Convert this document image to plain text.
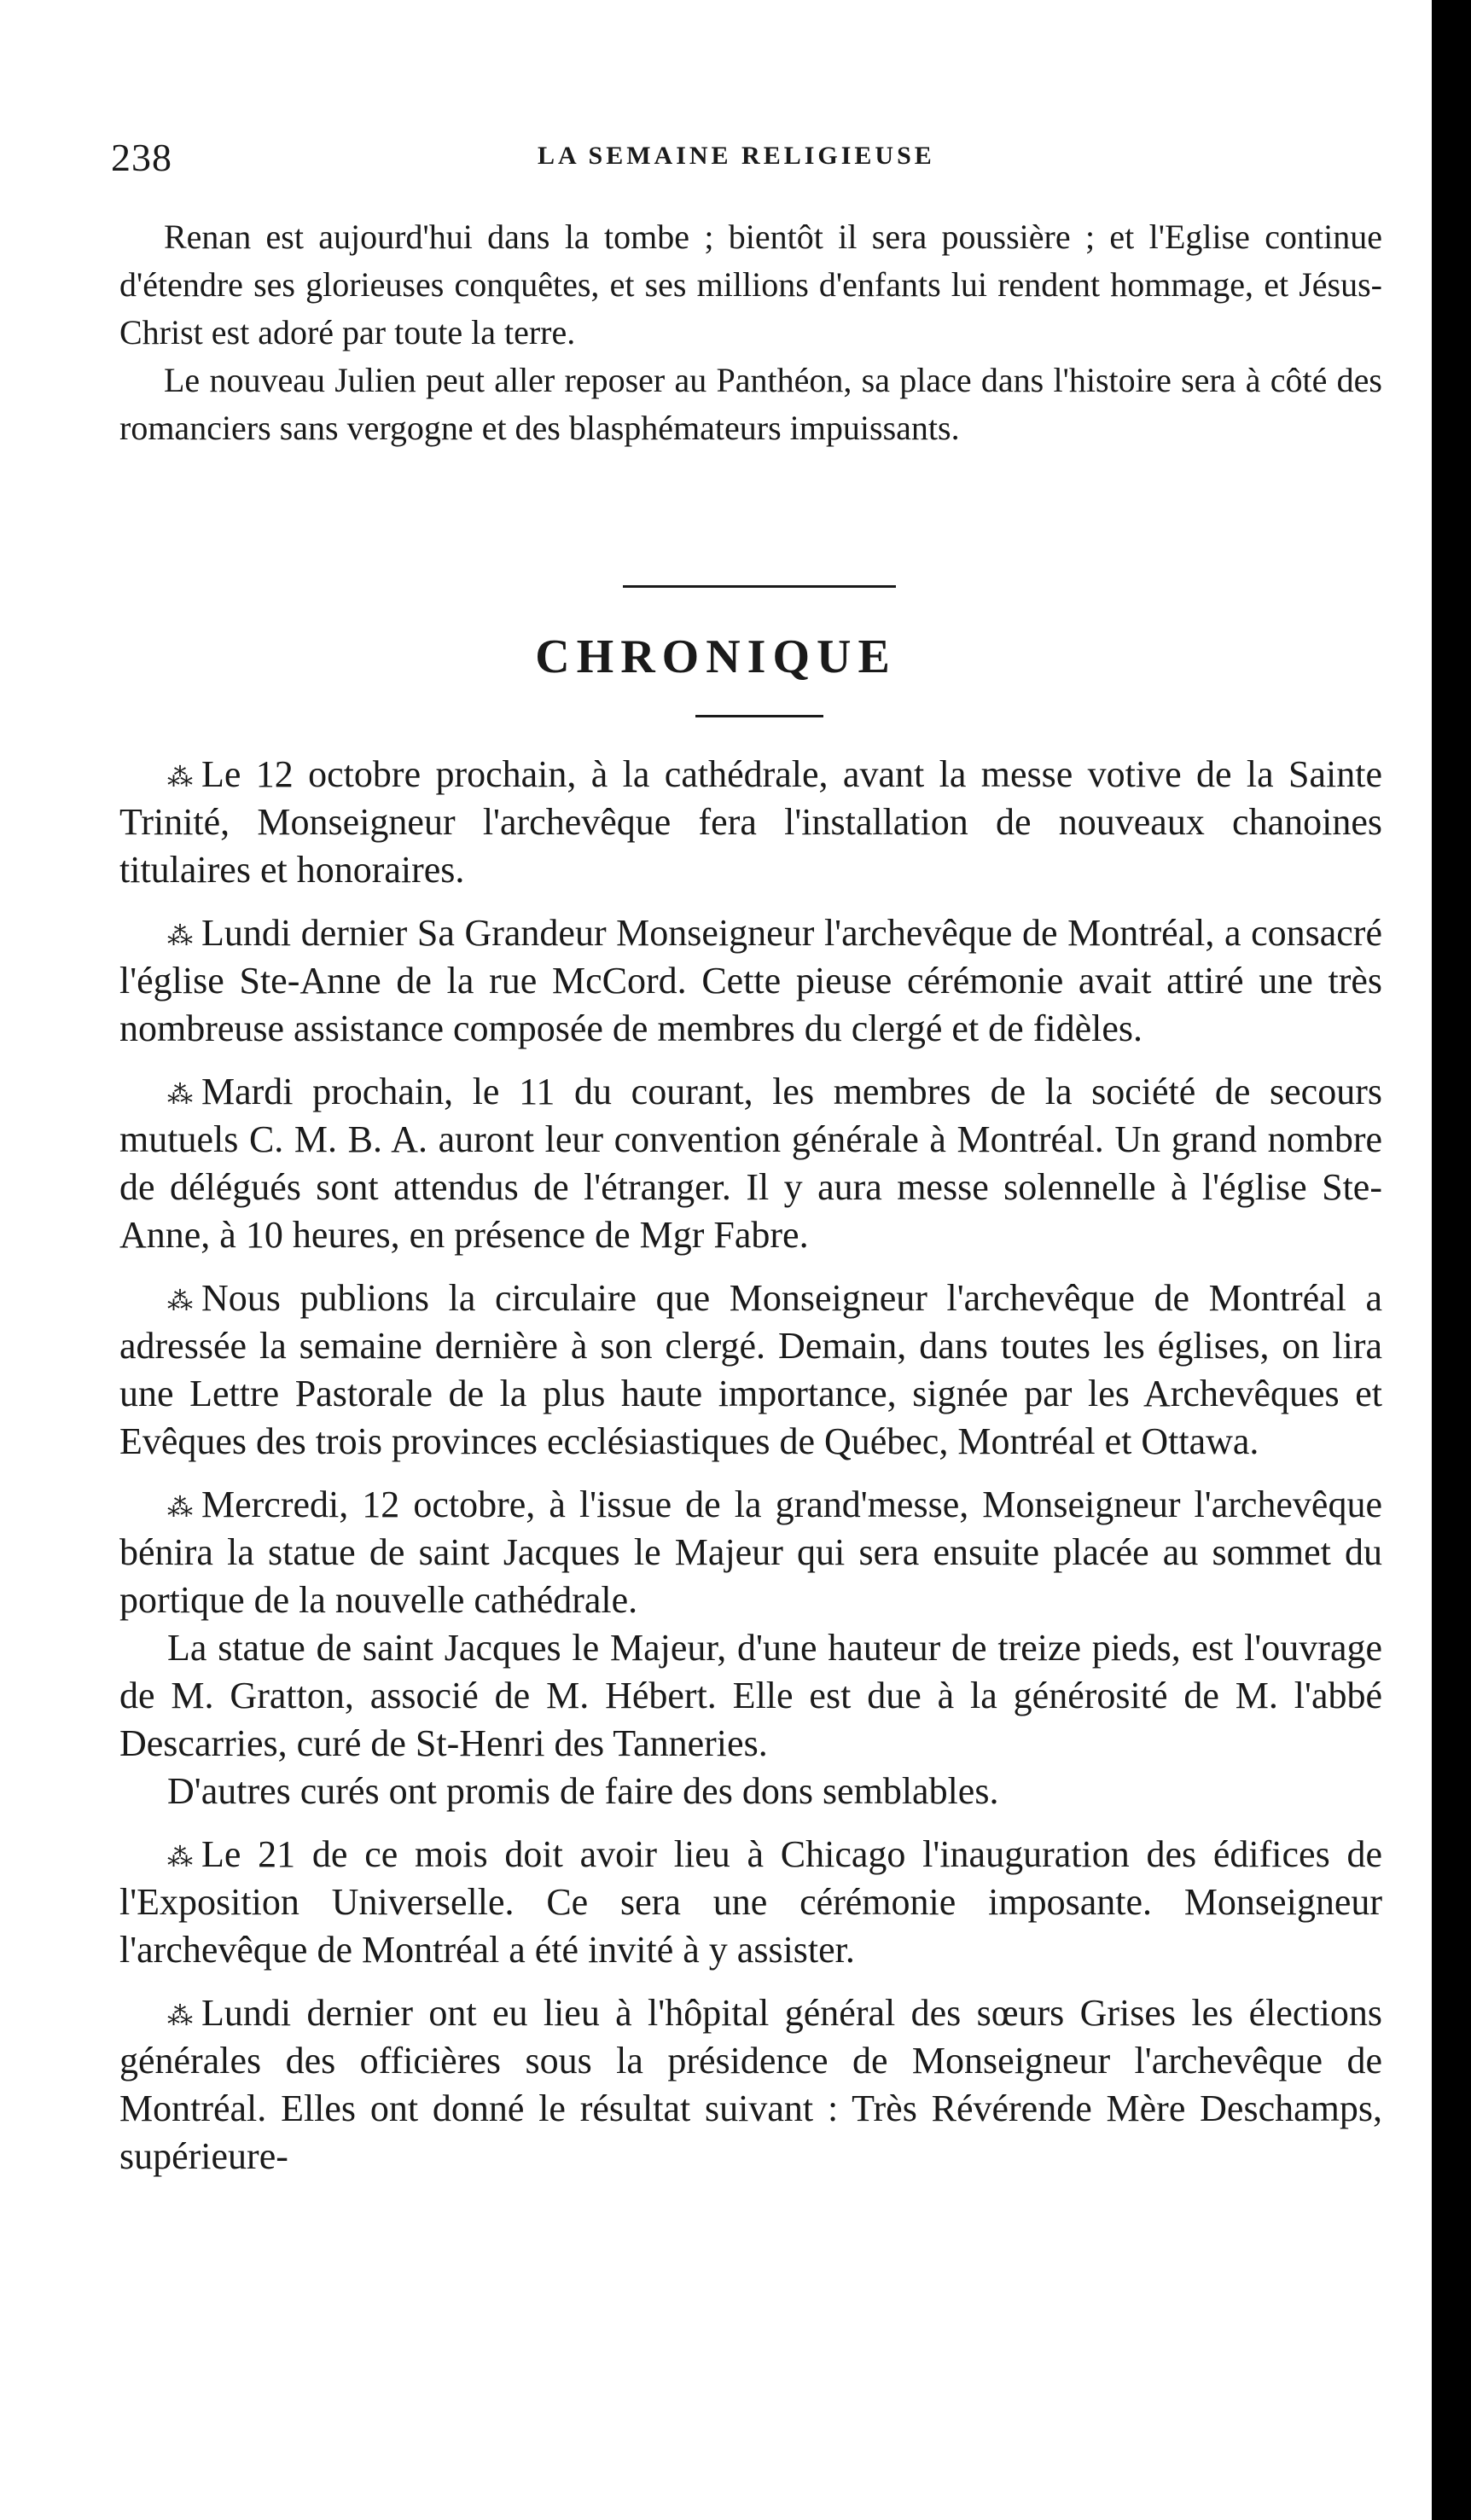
238	LA SEMAINE RELIGIEUSE

Renan est aujourd'hui dans la tombe ; bientôt il sera poussière ; et l'Eglise continue d'étendre ses glorieuses conquêtes, et ses millions d'enfants lui rendent hommage, et Jésus-Christ est adoré par toute la terre.

Le nouveau Julien peut aller reposer au Panthéon, sa place dans l'histoire sera à côté des romanciers sans vergogne et des blasphémateurs impuissants.

CHRONIQUE

⁂ Le 12 octobre prochain, à la cathédrale, avant la messe votive de la Sainte Trinité, Monseigneur l'archevêque fera l'installation de nouveaux chanoines titulaires et honoraires.

⁂ Lundi dernier Sa Grandeur Monseigneur l'archevêque de Montréal, a consacré l'église Ste-Anne de la rue McCord. Cette pieuse cérémonie avait attiré une très nombreuse assistance composée de membres du clergé et de fidèles.

⁂ Mardi prochain, le 11 du courant, les membres de la société de secours mutuels C. M. B. A. auront leur convention générale à Montréal. Un grand nombre de délégués sont attendus de l'étranger. Il y aura messe solennelle à l'église Ste-Anne, à 10 heures, en présence de Mgr Fabre.

⁂ Nous publions la circulaire que Monseigneur l'archevêque de Montréal a adressée la semaine dernière à son clergé. Demain, dans toutes les églises, on lira une Lettre Pastorale de la plus haute importance, signée par les Archevêques et Evêques des trois provinces ecclésiastiques de Québec, Montréal et Ottawa.

⁂ Mercredi, 12 octobre, à l'issue de la grand'messe, Monseigneur l'archevêque bénira la statue de saint Jacques le Majeur qui sera ensuite placée au sommet du portique de la nouvelle cathédrale.

La statue de saint Jacques le Majeur, d'une hauteur de treize pieds, est l'ouvrage de M. Gratton, associé de M. Hébert. Elle est due à la générosité de M. l'abbé Descarries, curé de St-Henri des Tanneries.

D'autres curés ont promis de faire des dons semblables.

⁂ Le 21 de ce mois doit avoir lieu à Chicago l'inauguration des édifices de l'Exposition Universelle. Ce sera une cérémonie imposante. Monseigneur l'archevêque de Montréal a été invité à y assister.

⁂ Lundi dernier ont eu lieu à l'hôpital général des sœurs Grises les élections générales des officières sous la présidence de Monseigneur l'archevêque de Montréal. Elles ont donné le résultat suivant : Très Révérende Mère Deschamps, supérieure-
